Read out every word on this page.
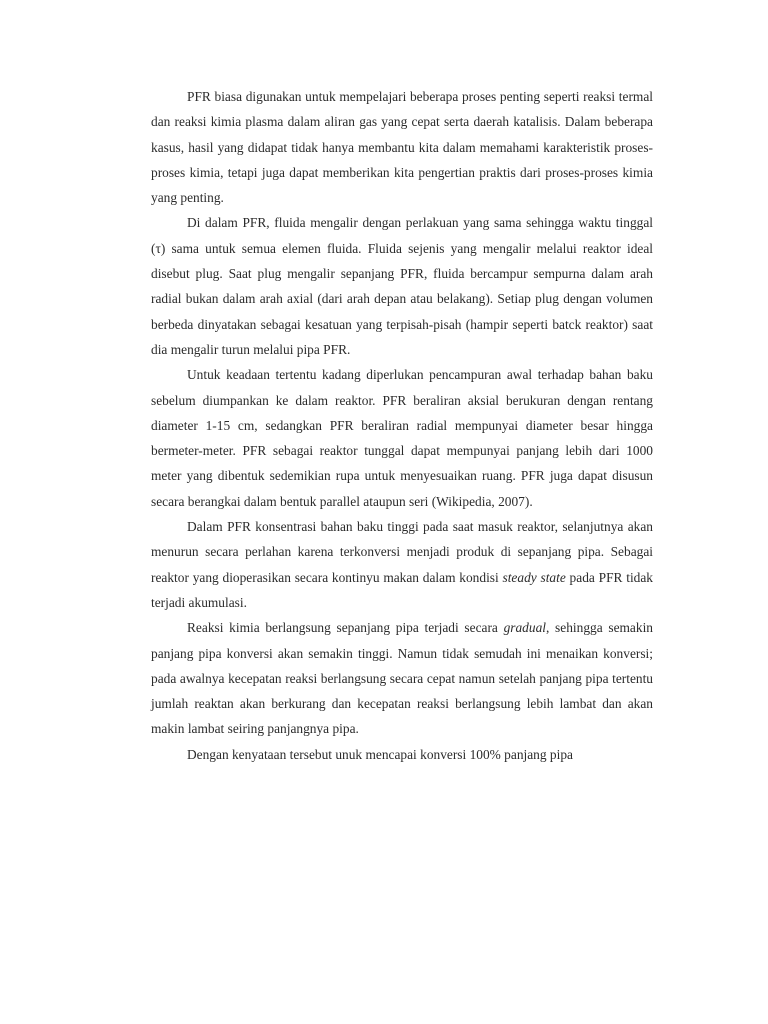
PFR biasa digunakan untuk mempelajari beberapa proses penting seperti reaksi termal dan reaksi kimia plasma dalam aliran gas yang cepat serta daerah katalisis. Dalam beberapa kasus, hasil yang didapat tidak hanya membantu kita dalam memahami karakteristik proses-proses kimia, tetapi juga dapat memberikan kita pengertian praktis dari proses-proses kimia yang penting.

Di dalam PFR, fluida mengalir dengan perlakuan yang sama sehingga waktu tinggal (τ) sama untuk semua elemen fluida. Fluida sejenis yang mengalir melalui reaktor ideal disebut plug. Saat plug mengalir sepanjang PFR, fluida bercampur sempurna dalam arah radial bukan dalam arah axial (dari arah depan atau belakang). Setiap plug dengan volumen berbeda dinyatakan sebagai kesatuan yang terpisah-pisah (hampir seperti batck reaktor) saat dia mengalir turun melalui pipa PFR.

Untuk keadaan tertentu kadang diperlukan pencampuran awal terhadap bahan baku sebelum diumpankan ke dalam reaktor. PFR beraliran aksial berukuran dengan rentang diameter 1-15 cm, sedangkan PFR beraliran radial mempunyai diameter besar hingga bermeter-meter. PFR sebagai reaktor tunggal dapat mempunyai panjang lebih dari 1000 meter yang dibentuk sedemikian rupa untuk menyesuaikan ruang. PFR juga dapat disusun secara berangkai dalam bentuk parallel ataupun seri (Wikipedia, 2007).

Dalam PFR konsentrasi bahan baku tinggi pada saat masuk reaktor, selanjutnya akan menurun secara perlahan karena terkonversi menjadi produk di sepanjang pipa. Sebagai reaktor yang dioperasikan secara kontinyu makan dalam kondisi steady state pada PFR tidak terjadi akumulasi.

Reaksi kimia berlangsung sepanjang pipa terjadi secara gradual, sehingga semakin panjang pipa konversi akan semakin tinggi. Namun tidak semudah ini menaikan konversi; pada awalnya kecepatan reaksi berlangsung secara cepat namun setelah panjang pipa tertentu jumlah reaktan akan berkurang dan kecepatan reaksi berlangsung lebih lambat dan akan makin lambat seiring panjangnya pipa.

Dengan kenyataan tersebut unuk mencapai konversi 100% panjang pipa
